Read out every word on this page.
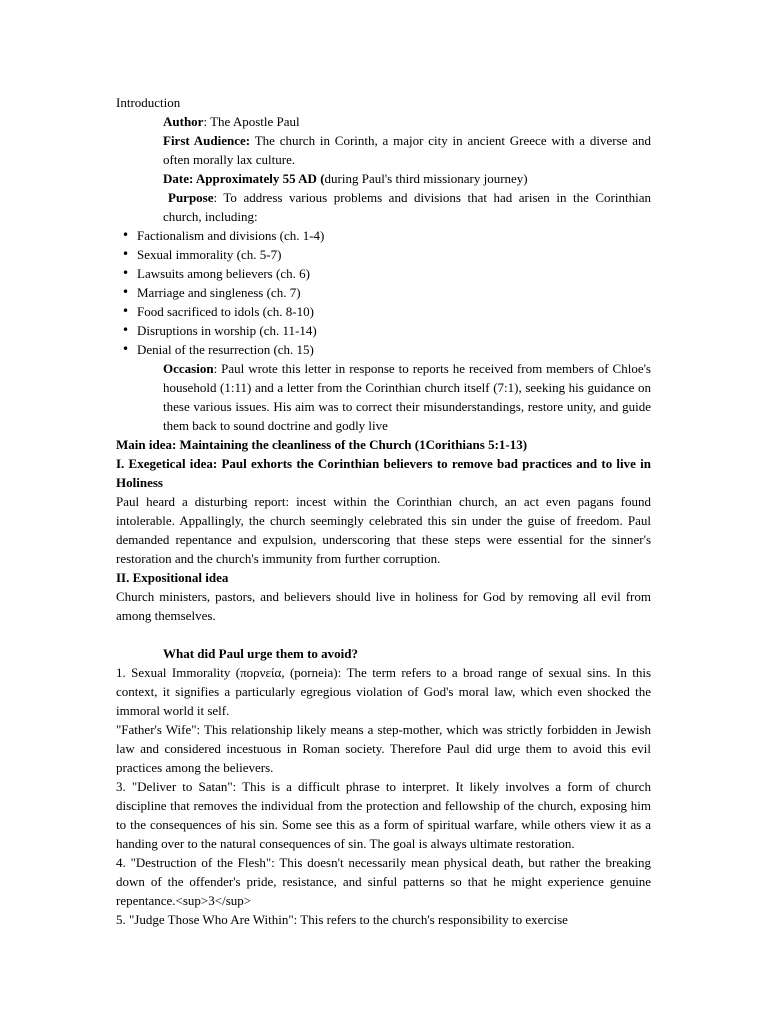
Introduction

Author: The Apostle Paul

First Audience: The church in Corinth, a major city in ancient Greece with a diverse and often morally lax culture.

Date: Approximately 55 AD (during Paul's third missionary journey)

Purpose: To address various problems and divisions that had arisen in the Corinthian church, including:

• Factionalism and divisions (ch. 1-4)
• Sexual immorality (ch. 5-7)
• Lawsuits among believers (ch. 6)
• Marriage and singleness (ch. 7)
• Food sacrificed to idols (ch. 8-10)
• Disruptions in worship (ch. 11-14)
• Denial of the resurrection (ch. 15)

Occasion: Paul wrote this letter in response to reports he received from members of Chloe's household (1:11) and a letter from the Corinthian church itself (7:1), seeking his guidance on these various issues. His aim was to correct their misunderstandings, restore unity, and guide them back to sound doctrine and godly live

Main idea: Maintaining the cleanliness of the Church (1Corithians 5:1-13)

I. Exegetical idea: Paul exhorts the Corinthian believers to remove bad practices and to live in Holiness

Paul heard a disturbing report: incest within the Corinthian church, an act even pagans found intolerable. Appallingly, the church seemingly celebrated this sin under the guise of freedom. Paul demanded repentance and expulsion, underscoring that these steps were essential for the sinner's restoration and the church's immunity from further corruption.

II. Expositional idea

Church ministers, pastors, and believers should live in holiness for God by removing all evil from among themselves.

What did Paul urge them to avoid?

1. Sexual Immorality (πορνεία, (porneia): The term refers to a broad range of sexual sins. In this context, it signifies a particularly egregious violation of God's moral law, which even shocked the immoral world it self.

"Father's Wife": This relationship likely means a step-mother, which was strictly forbidden in Jewish law and considered incestuous in Roman society. Therefore Paul did urge them to avoid this evil practices among the believers.

3. "Deliver to Satan": This is a difficult phrase to interpret. It likely involves a form of church discipline that removes the individual from the protection and fellowship of the church, exposing him to the consequences of his sin. Some see this as a form of spiritual warfare, while others view it as a handing over to the natural consequences of sin. The goal is always ultimate restoration.

4. "Destruction of the Flesh": This doesn't necessarily mean physical death, but rather the breaking down of the offender's pride, resistance, and sinful patterns so that he might experience genuine repentance.<sup>3</sup>

5. "Judge Those Who Are Within": This refers to the church's responsibility to exercise
